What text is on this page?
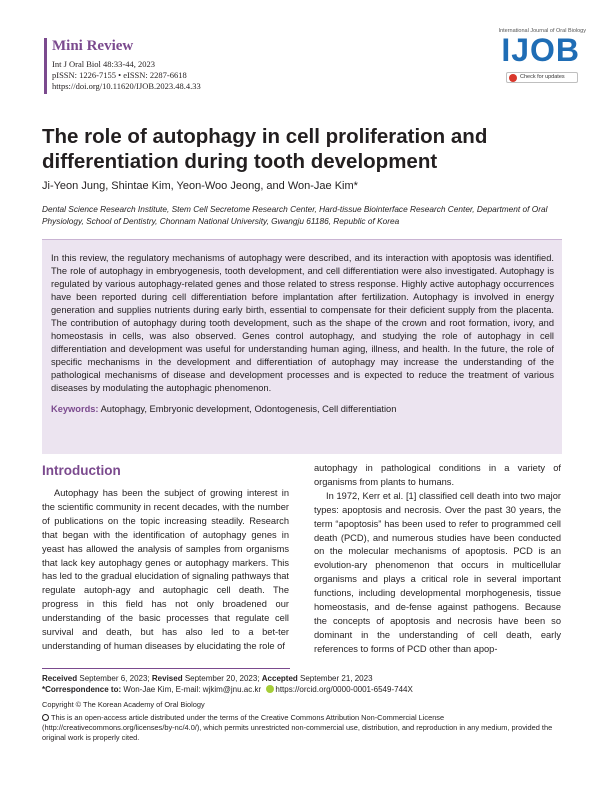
Mini Review
Int J Oral Biol 48:33-44, 2023
pISSN: 1226-7155 • eISSN: 2287-6618
https://doi.org/10.11620/IJOB.2023.48.4.33
International Journal of Oral Biology
IJOB
Check for updates
The role of autophagy in cell proliferation and differentiation during tooth development
Ji-Yeon Jung, Shintae Kim, Yeon-Woo Jeong, and Won-Jae Kim*
Dental Science Research Institute, Stem Cell Secretome Research Center, Hard-tissue Biointerface Research Center, Department of Oral Physiology, School of Dentistry, Chonnam National University, Gwangju 61186, Republic of Korea

In this review, the regulatory mechanisms of autophagy were described, and its interaction with apoptosis was identified. The role of autophagy in embryogenesis, tooth development, and cell differentiation were also investigated. Autophagy is regulated by various autophagy-related genes and those related to stress response. Highly active autophagy occurrences have been reported during cell differentiation before implantation after fertilization. Autophagy is involved in energy generation and supplies nutrients during early birth, essential to compensate for their deficient supply from the placenta. The contribution of autophagy during tooth development, such as the shape of the crown and root formation, ivory, and homeostasis in cells, was also observed. Genes control autophagy, and studying the role of autophagy in cell differentiation and development was useful for understanding human aging, illness, and health. In the future, the role of specific mechanisms in the development and differentiation of autophagy may increase the understanding of the pathological mechanisms of disease and development processes and is expected to reduce the treatment of various diseases by modulating the autophagic phenomenon.

Keywords: Autophagy, Embryonic development, Odontogenesis, Cell differentiation

Introduction

Autophagy has been the subject of growing interest in the scientific community in recent decades, with the number of publications on the topic increasing steadily. Research that began with the identification of autophagy genes in yeast has allowed the analysis of samples from organisms that lack key autophagy genes or autophagy markers. This has led to the gradual elucidation of signaling pathways that regulate autoph-agy and autophagic cell death. The progress in this field has not only broadened our understanding of the basic processes that regulate cell survival and death, but has also led to a bet-ter understanding of human diseases by elucidating the role of

autophagy in pathological conditions in a variety of organisms from plants to humans.

In 1972, Kerr et al. [1] classified cell death into two major types: apoptosis and necrosis. Over the past 30 years, the term “apoptosis” has been used to refer to programmed cell death (PCD), and numerous studies have been conducted on the molecular mechanisms of apoptosis. PCD is an evolution-ary phenomenon that occurs in multicellular organisms and plays a critical role in several important functions, including developmental morphogenesis, tissue homeostasis, and de-fense against pathogens. Because the concepts of apoptosis and necrosis have been so dominant in the understanding of cell death, early references to forms of PCD other than apop-

Received September 6, 2023; Revised September 20, 2023; Accepted September 21, 2023
*Correspondence to: Won-Jae Kim, E-mail: wjkim@jnu.ac.kr https://orcid.org/0000-0001-6549-744X
Copyright © The Korean Academy of Oral Biology
This is an open-access article distributed under the terms of the Creative Commons Attribution Non-Commercial License (http://creativecommons.org/licenses/by-nc/4.0/), which permits unrestricted non-commercial use, distribution, and reproduction in any medium, provided the original work is properly cited.
